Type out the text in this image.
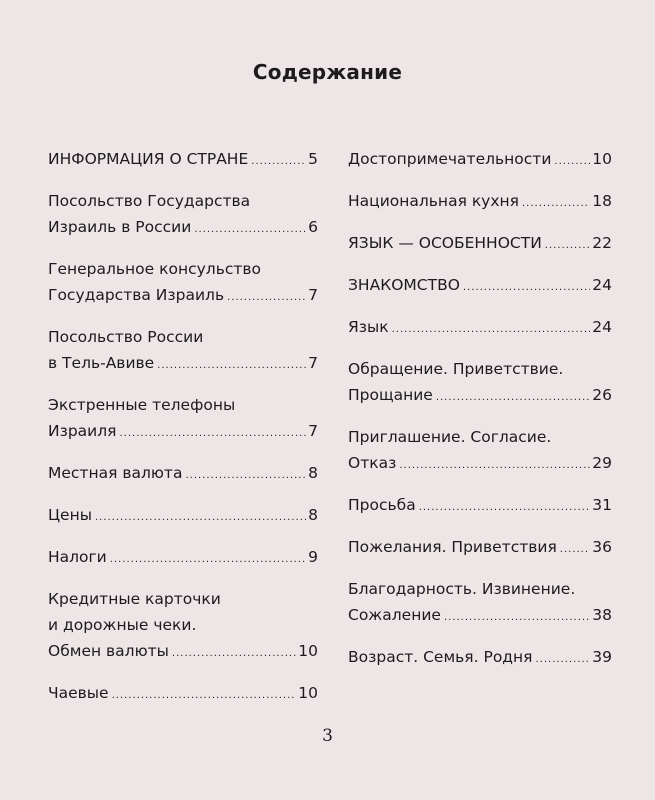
Содержание
ИНФОРМАЦИЯ О СТРАНЕ .....	5
Посольство Государства
Израиль в России .....	6
Генеральное консульство
Государства Израиль .....	7
Посольство России
в Тель-Авиве .....	7
Экстренные телефоны
Израиля .....	7
Местная валюта .....	8
Цены .....	8
Налоги .....	9
Кредитные карточки
и дорожные чеки.
Обмен валюты .....	10
Чаевые .....	10
Достопримечательности .....	10
Национальная кухня .....	18
ЯЗЫК — ОСОБЕННОСТИ .....	22
ЗНАКОМСТВО .....	24
Язык .....	24
Обращение. Приветствие.
Прощание .....	26
Приглашение. Согласие.
Отказ .....	29
Просьба .....	31
Пожелания. Приветствия ..... 36
Благодарность. Извинение.
Сожаление .....	38
Возраст. Семья. Родня .....	39
3
